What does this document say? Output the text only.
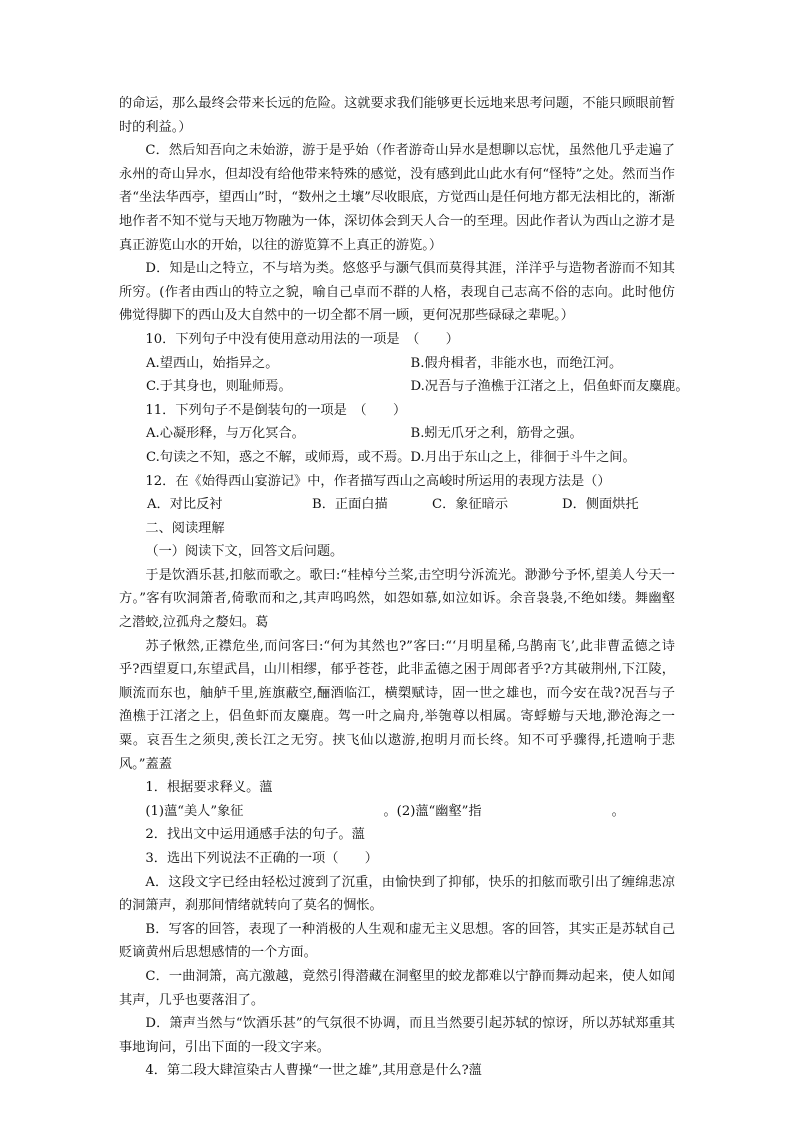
的命运，那么最终会带来长远的危险。这就要求我们能够更长远地来思考问题，不能只顾眼前暂时的利益。）

C．然后知吾向之未始游，游于是乎始（作者游奇山异水是想聊以忘忧，虽然他几乎走遍了永州的奇山异水，但却没有给他带来特殊的感觉，没有感到此山此水有何“怪特”之处。然而当作者“坐法华西亭，望西山”时，“数州之土壤”尽收眼底，方觉西山是任何地方都无法相比的，渐渐地作者不知不觉与天地万物融为一体，深切体会到天人合一的至理。因此作者认为西山之游才是真正游览山水的开始，以往的游览算不上真正的游览。）

D．知是山之特立，不与培为类。悠悠乎与灏气俱而莫得其涯，洋洋乎与造物者游而不知其所穷。(作者由西山的特立之貌，喻自己卓而不群的人格，表现自己志高不俗的志向。此时他仿佛觉得脚下的西山及大自然中的一切全都不屑一顾，更何况那些碌碌之辈呢。）

10．下列句子中没有使用意动用法的一项是　（　　）

A.望西山，始指异之。	B.假舟楫者，非能水也，而绝江河。
C.于其身也，则耻师焉。	D.况吾与子渔樵于江渚之上，侣鱼虾而友麋鹿。

11．下列句子不是倒装句的一项是　（　　）

A.心凝形释，与万化冥合。	B.蚓无爪牙之利，筋骨之强。
C.句读之不知，惑之不解，或师焉，或不焉。 D.月出于东山之上，徘徊于斗牛之间。

12．在《始得西山宴游记》中，作者描写西山之高峻时所运用的表现方法是（）

A．对比反衬	B．正面白描	C．象征暗示	D．侧面烘托

二、阅读理解

（一）阅读下文，回答文后问题。

于是饮酒乐甚,扣舷而歌之。歌曰:“桂棹兮兰桨,击空明兮泝流光。渺渺兮予怀,望美人兮天一方。”客有吹洞箫者,倚歌而和之,其声呜呜然，如怨如慕,如泣如诉。余音袅袅,不绝如缕。舞幽壑之潜蛟,泣孤舟之嫠妇。葛

苏子愀然,正襟危坐,而问客曰:“何为其然也?”客曰:“‘月明星稀,乌鹊南飞’,此非曹孟德之诗乎?西望夏口,东望武昌，山川相缪，郁乎苍苍，此非孟德之困于周郎者乎?方其破荆州,下江陵，顺流而东也，舳舻千里,旌旗蔽空,酾酒临江，横槊赋诗，固一世之雄也，而今安在哉?况吾与子渔樵于江渚之上，侣鱼虾而友麋鹿。驾一叶之扁舟,举匏尊以相属。寄蜉蝣与天地,渺沧海之一粟。哀吾生之须臾,羡长江之无穷。挟飞仙以遨游,抱明月而长终。知不可乎骤得,托遗响于悲风。”蓋蓋

1．根据要求释义。薀

(1)薀“美人”象征	。(2)薀“幽壑”指	。

2．找出文中运用通感手法的句子。薀

3．选出下列说法不正确的一项（　　）

A．这段文字已经由轻松过渡到了沉重，由愉快到了抑郁，快乐的扣舷而歌引出了缠绵悲凉的洞箫声，刹那间情绪就转向了莫名的惆怅。

B．写客的回答，表现了一种消极的人生观和虚无主义思想。客的回答，其实正是苏轼自己贬谪黄州后思想感情的一个方面。

C．一曲洞箫，高亢激越，竟然引得潜藏在洞壑里的蛟龙都难以宁静而舞动起来，使人如闻其声，几乎也要落泪了。

D．箫声当然与“饮酒乐甚”的气氛很不协调，而且当然要引起苏轼的惊讶，所以苏轼郑重其事地询问，引出下面的一段文字来。

4．第二段大肆渲染古人曹操“一世之雄”,其用意是什么?薀
